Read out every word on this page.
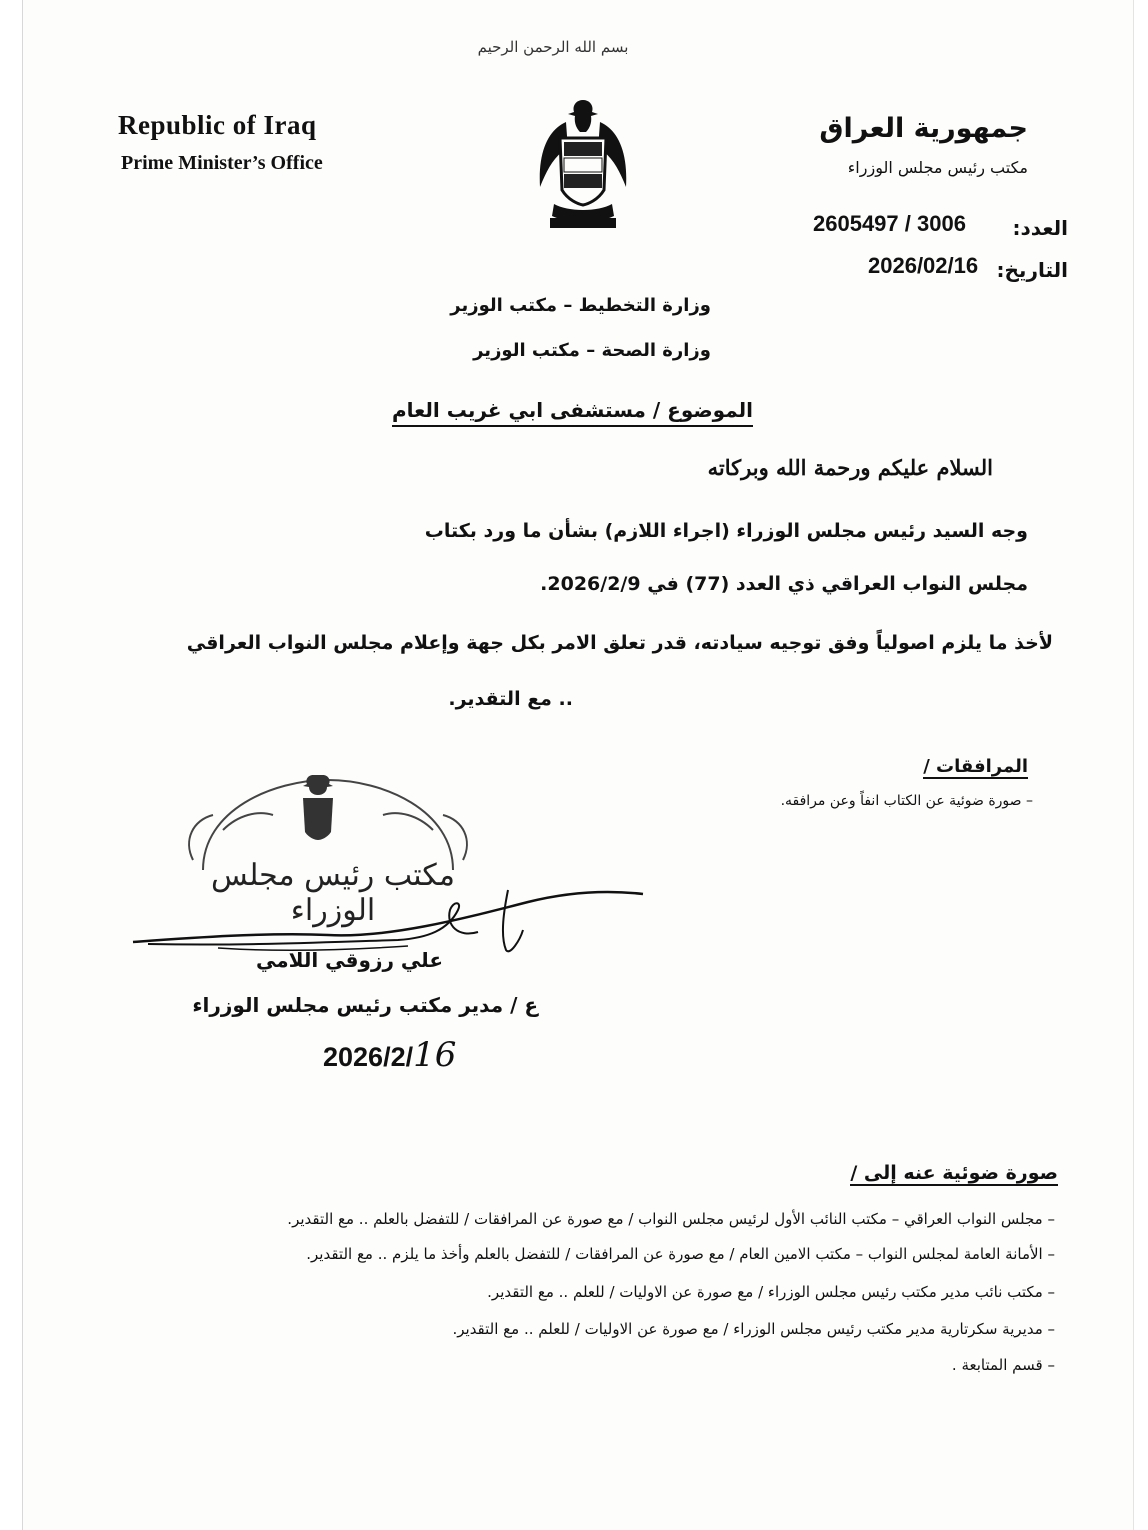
بسم الله الرحمن الرحيم
Republic of Iraq
Prime Minister’s Office
جمهورية العراق
مكتب رئيس مجلس الوزراء
العدد:
2605497 / 3006
التاريخ:
2026/02/16
وزارة التخطيط – مكتب الوزير
وزارة الصحة – مكتب الوزير
الموضوع / مستشفى ابي غريب العام
السلام عليكم ورحمة الله وبركاته
وجه السيد رئيس مجلس الوزراء (اجراء اللازم) بشأن ما ورد بكتاب
مجلس النواب العراقي ذي العدد (77) في 2026/2/9.
لأخذ ما يلزم اصولياً وفق توجيه سيادته، قدر تعلق الامر بكل جهة وإعلام مجلس النواب العراقي
.. مع التقدير.
المرافقات /
– صورة ضوئية عن الكتاب انفاً وعن مرافقه.
مكتب رئيس مجلس الوزراء
علي رزوقي اللامي
ع / مدير مكتب رئيس مجلس الوزراء
2026/2/16
صورة ضوئية عنه إلى /
– مجلس النواب العراقي – مكتب النائب الأول لرئيس مجلس النواب / مع صورة عن المرافقات / للتفضل بالعلم .. مع التقدير.
– الأمانة العامة لمجلس النواب – مكتب الامين العام / مع صورة عن المرافقات / للتفضل بالعلم وأخذ ما يلزم .. مع التقدير.
– مكتب نائب مدير مكتب رئيس مجلس الوزراء / مع صورة عن الاوليات / للعلم .. مع التقدير.
– مديرية سكرتارية مدير مكتب رئيس مجلس الوزراء / مع صورة عن الاوليات / للعلم .. مع التقدير.
– قسم المتابعة .
